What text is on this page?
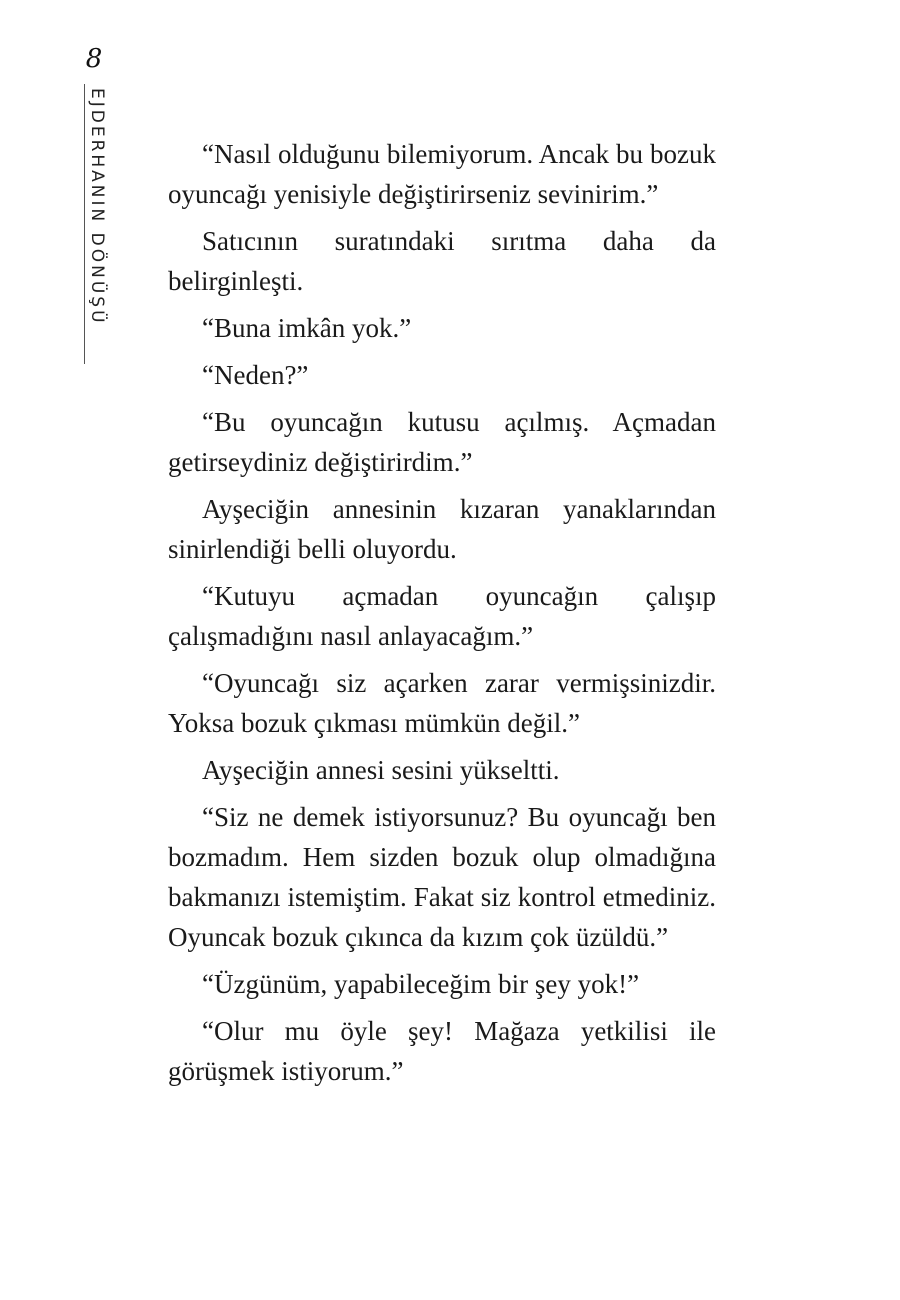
8
EJDERHANIN DÖNÜŞÜ	“Nasıl olduğunu bilemiyorum. Ancak bu bozuk oyuncağı yenisiyle değiştirirseniz sevinirim.”

Satıcının suratındaki sırıtma daha da belirginleşti.

“Buna imkân yok.”

“Neden?”

“Bu oyuncağın kutusu açılmış. Açmadan getirseydiniz değiştirirdim.”

Ayşeciğin annesinin kızaran yanaklarından sinirlendiği belli oluyordu.

“Kutuyu açmadan oyuncağın çalışıp çalışmadığını nasıl anlayacağım.”

“Oyuncağı siz açarken zarar vermişsinizdir. Yoksa bozuk çıkması mümkün değil.”

Ayşeciğin annesi sesini yükseltti.

“Siz ne demek istiyorsunuz? Bu oyuncağı ben bozmadım. Hem sizden bozuk olup olmadığına bakmanızı istemiştim. Fakat siz kontrol etmediniz. Oyuncak bozuk çıkınca da kızım çok üzüldü.”

“Üzgünüm, yapabileceğim bir şey yok!”

“Olur mu öyle şey! Mağaza yetkilisi ile görüşmek istiyorum.”
